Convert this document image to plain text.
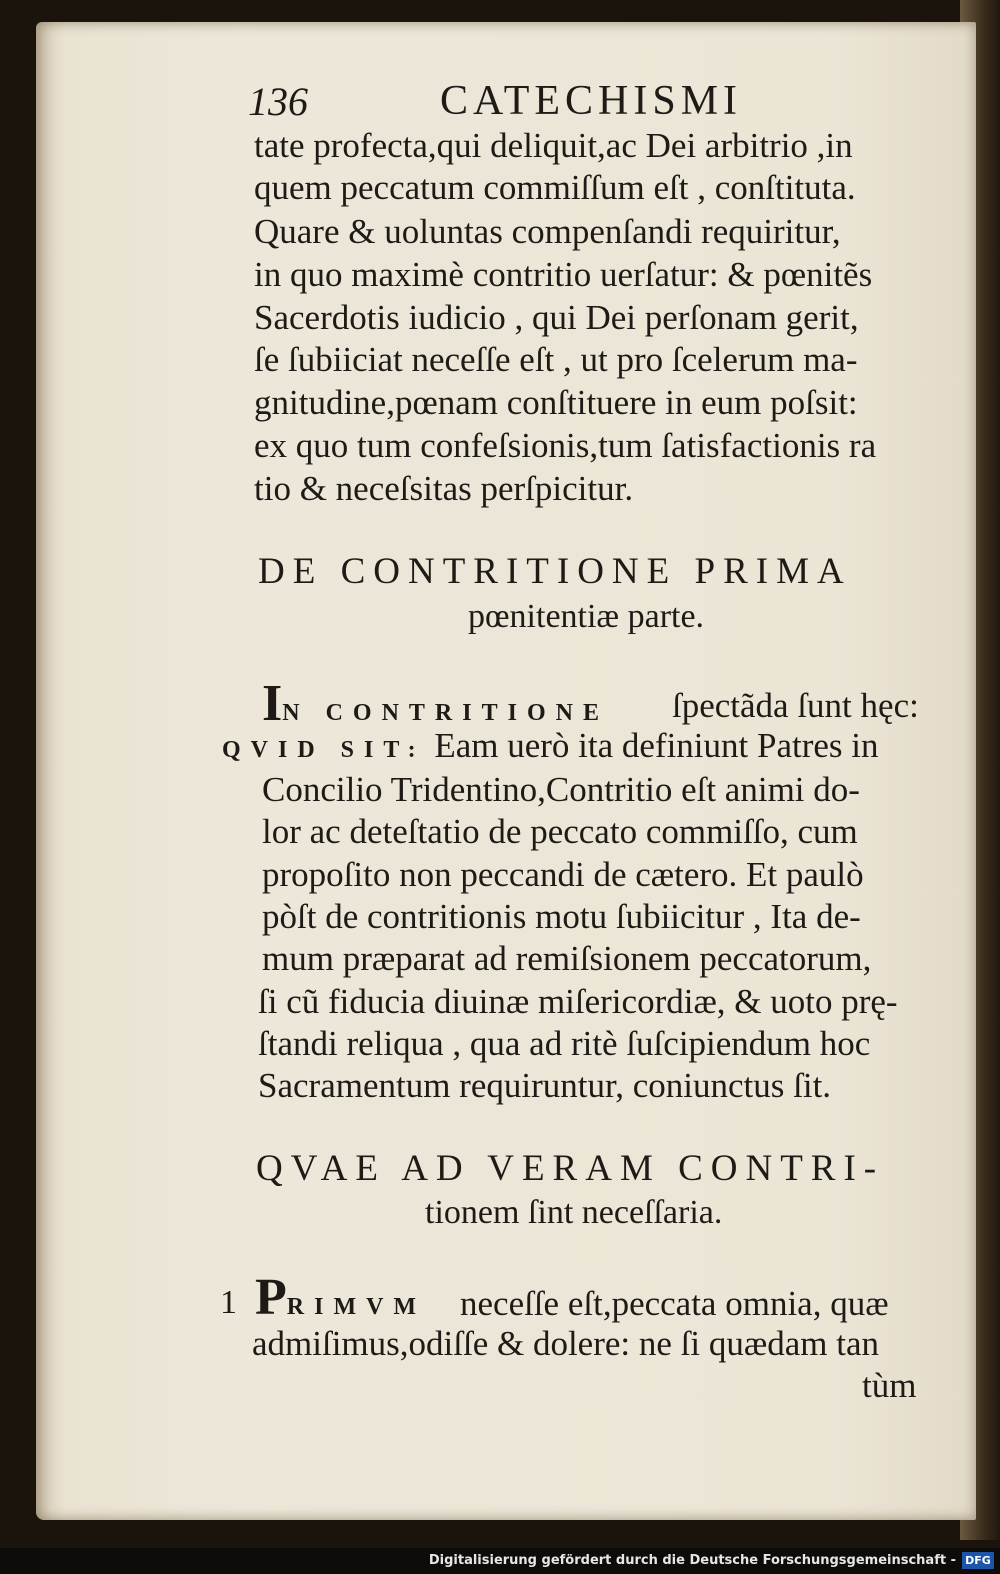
136	CATECHISMI
tate profecta,qui deliquit,ac Dei arbitrio ,in
quem peccatum commiſſum eſt , conſtituta.
Quare & uoluntas compenſandi requiritur,
in quo maximè contritio uerſatur: & pœnitẽs
Sacerdotis iudicio , qui Dei perſonam gerit,
ſe ſubiiciat neceſſe eſt , ut pro ſcelerum ma-
gnitudine,pœnam conſtituere in eum poſsit:
ex quo tum confeſsionis,tum ſatisfactionis ra
tio & neceſsitas perſpicitur.
DE CONTRITIONE PRIMA
pœnitentiæ parte.
IN CONTRITIONE ſpectãda ſunt hęc:
QVID SIT: Eam uerò ita definiunt Patres in
Concilio Tridentino,Contritio eſt animi do-
lor ac deteſtatio de peccato commiſſo, cum
propoſito non peccandi de cætero. Et paulò
pòſt de contritionis motu ſubiicitur , Ita de-
mum præparat ad remiſsionem peccatorum,
ſi cũ fiducia diuinæ miſericordiæ, & uoto prę-
ſtandi reliqua , qua ad ritè ſuſcipiendum hoc
Sacramentum requiruntur, coniunctus ſit.
QVAE AD VERAM CONTRI-
tionem ſint neceſſaria.
1 PRIMVM neceſſe eſt,peccata omnia, quæ
admiſimus,odiſſe & dolere: ne ſi quædam tan
tùm
Digitalisierung gefördert durch die Deutsche Forschungsgemeinschaft - DFG
